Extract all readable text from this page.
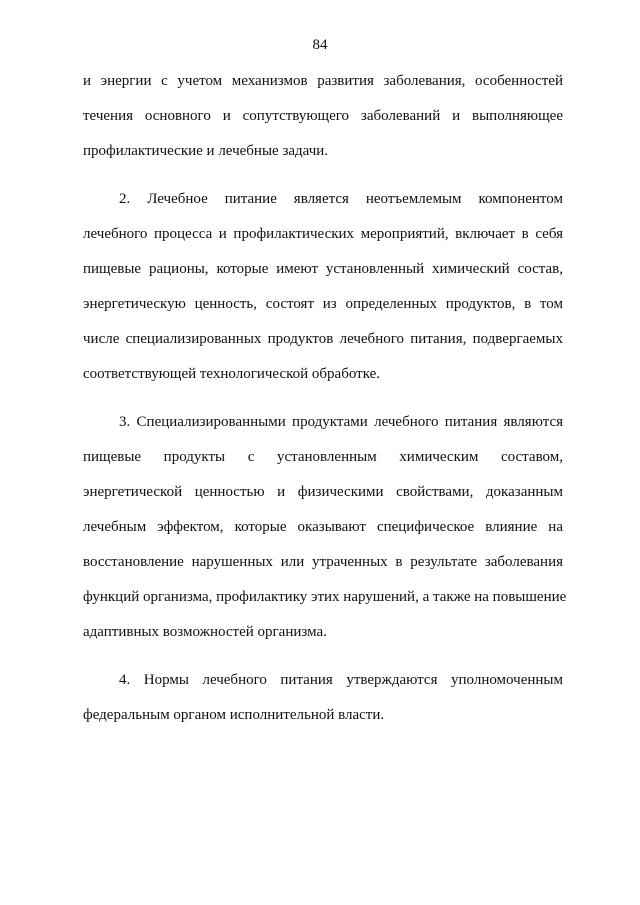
84
и энергии с учетом механизмов развития заболевания, особенностей
течения основного и сопутствующего заболеваний и выполняющее
профилактические и лечебные задачи.
2. Лечебное питание является неотъемлемым компонентом
лечебного процесса и профилактических мероприятий, включает в себя
пищевые рационы, которые имеют установленный химический состав,
энергетическую ценность, состоят из определенных продуктов, в том
числе специализированных продуктов лечебного питания, подвергаемых
соответствующей технологической обработке.
3. Специализированными продуктами лечебного питания являются
пищевые продукты с установленным химическим составом,
энергетической ценностью и физическими свойствами, доказанным
лечебным эффектом, которые оказывают специфическое влияние на
восстановление нарушенных или утраченных в результате заболевания
функций организма, профилактику этих нарушений, а также на повышение
адаптивных возможностей организма.
4. Нормы лечебного питания утверждаются уполномоченным
федеральным органом исполнительной власти.
